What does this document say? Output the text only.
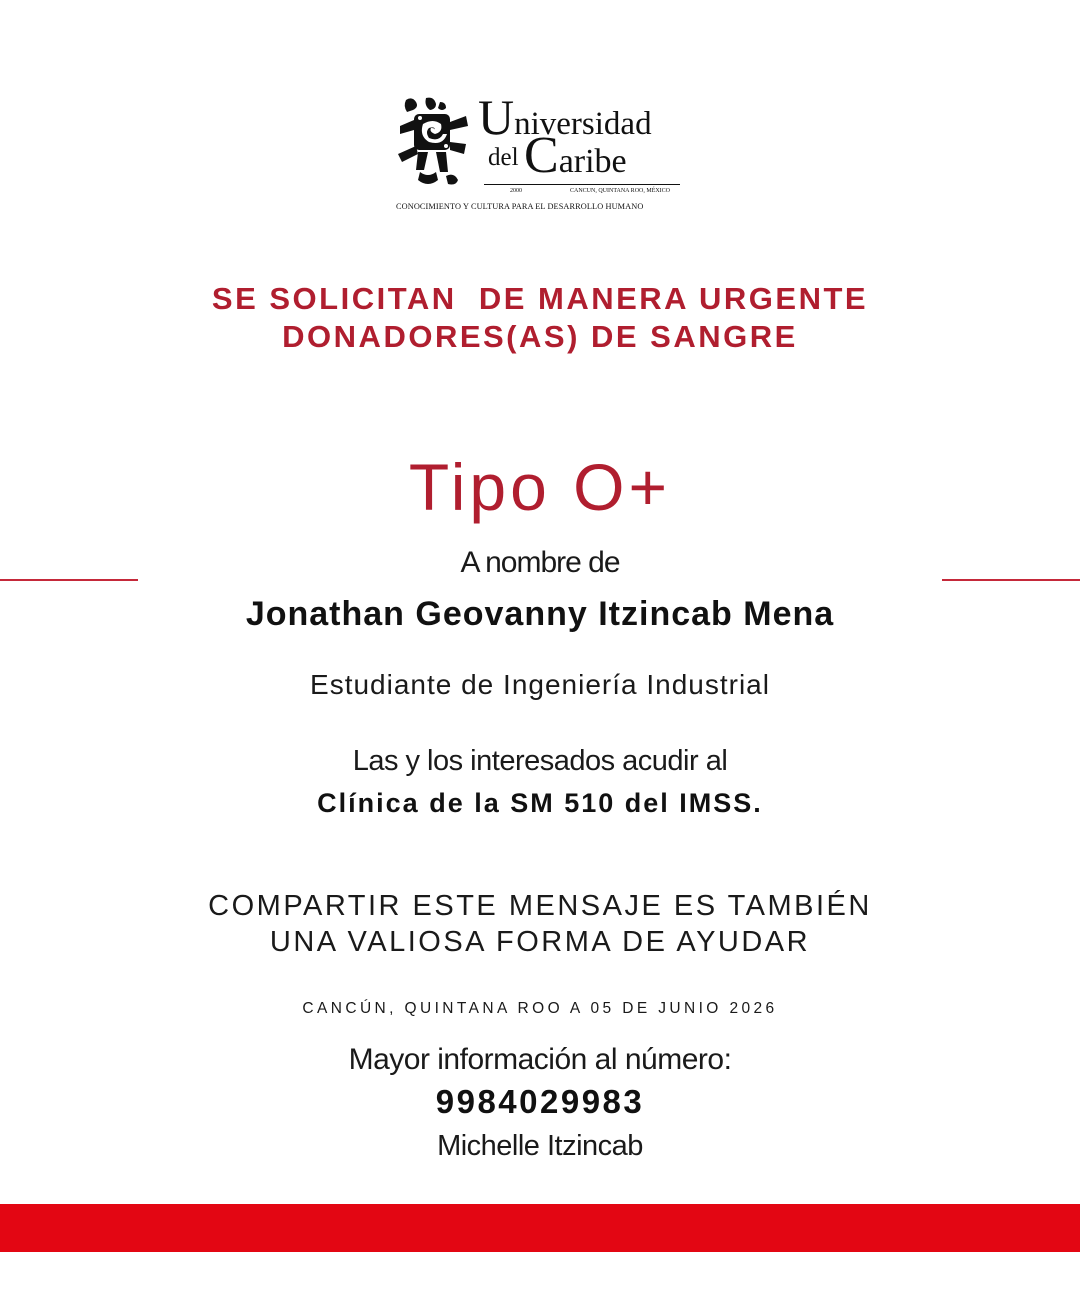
Universidad
del Caribe
2000	CANCUN, QUINTANA ROO, MÉXICO
CONOCIMIENTO Y CULTURA PARA EL DESARROLLO HUMANO
SE SOLICITAN  DE MANERA URGENTE
DONADORES(AS) DE SANGRE
Tipo O+
A nombre de
Jonathan Geovanny Itzincab Mena
Estudiante de Ingeniería Industrial
Las y los interesados acudir al
Clínica de la SM 510 del IMSS.
COMPARTIR ESTE MENSAJE ES TAMBIÉN
UNA VALIOSA FORMA DE AYUDAR
CANCÚN, QUINTANA ROO A 05 DE JUNIO 2026
Mayor información al número:
9984029983
Michelle Itzincab
